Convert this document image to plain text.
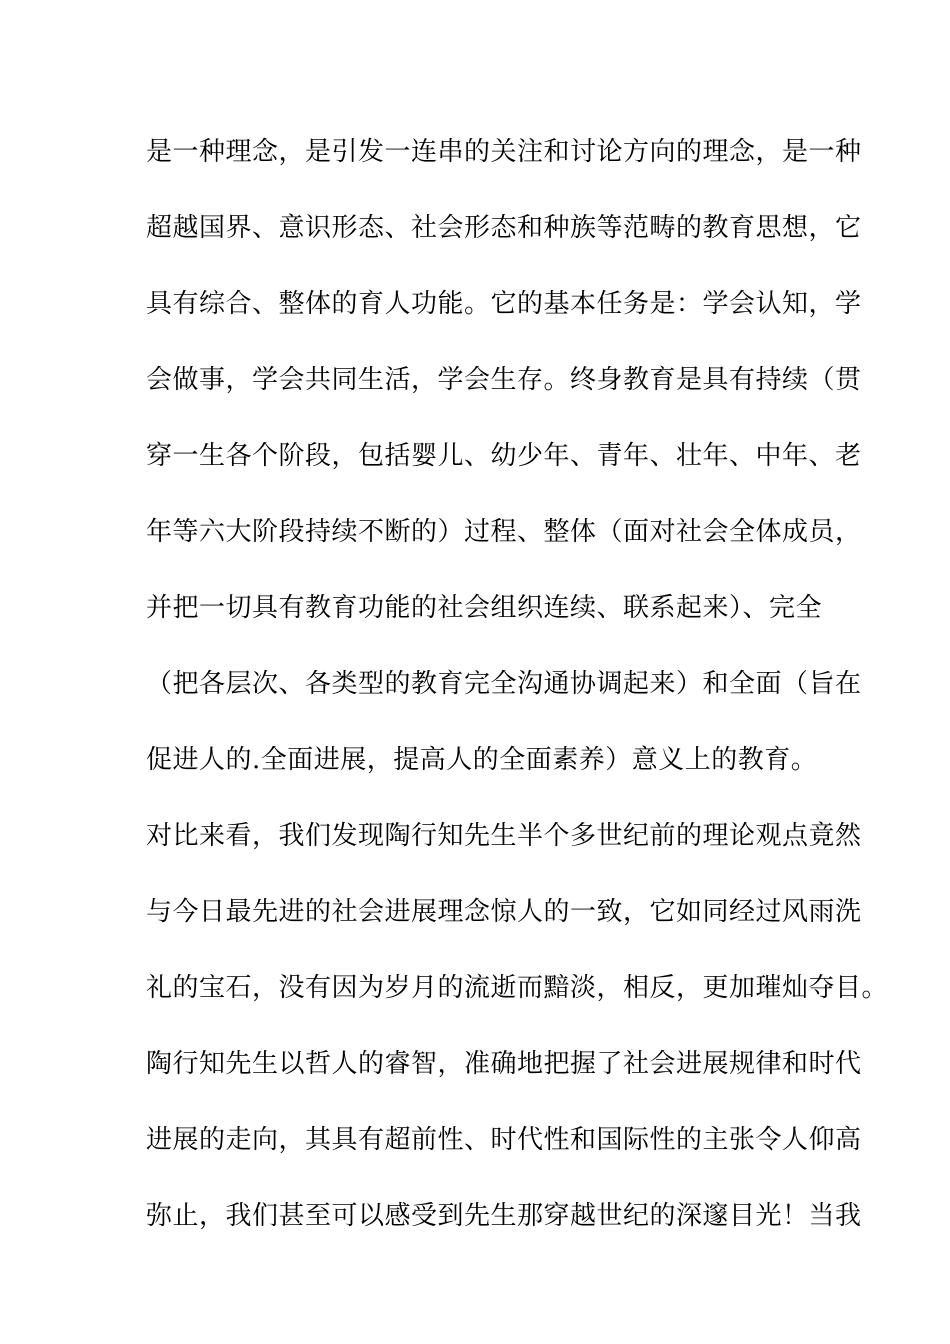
是一种理念，是引发一连串的关注和讨论方向的理念，是一种
超越国界、意识形态、社会形态和种族等范畴的教育思想，它
具有综合、整体的育人功能。它的基本任务是：学会认知，学
会做事，学会共同生活，学会生存。终身教育是具有持续（贯
穿一生各个阶段，包括婴儿、幼少年、青年、壮年、中年、老
年等六大阶段持续不断的）过程、整体（面对社会全体成员，
并把一切具有教育功能的社会组织连续、联系起来）、完全
（把各层次、各类型的教育完全沟通协调起来）和全面（旨在
促进人的.全面进展，提高人的全面素养）意义上的教育。
对比来看，我们发现陶行知先生半个多世纪前的理论观点竟然
与今日最先进的社会进展理念惊人的一致，它如同经过风雨洗
礼的宝石，没有因为岁月的流逝而黯淡，相反，更加璀灿夺目。
陶行知先生以哲人的睿智，准确地把握了社会进展规律和时代
进展的走向，其具有超前性、时代性和国际性的主张令人仰高
弥止，我们甚至可以感受到先生那穿越世纪的深邃目光！当我
